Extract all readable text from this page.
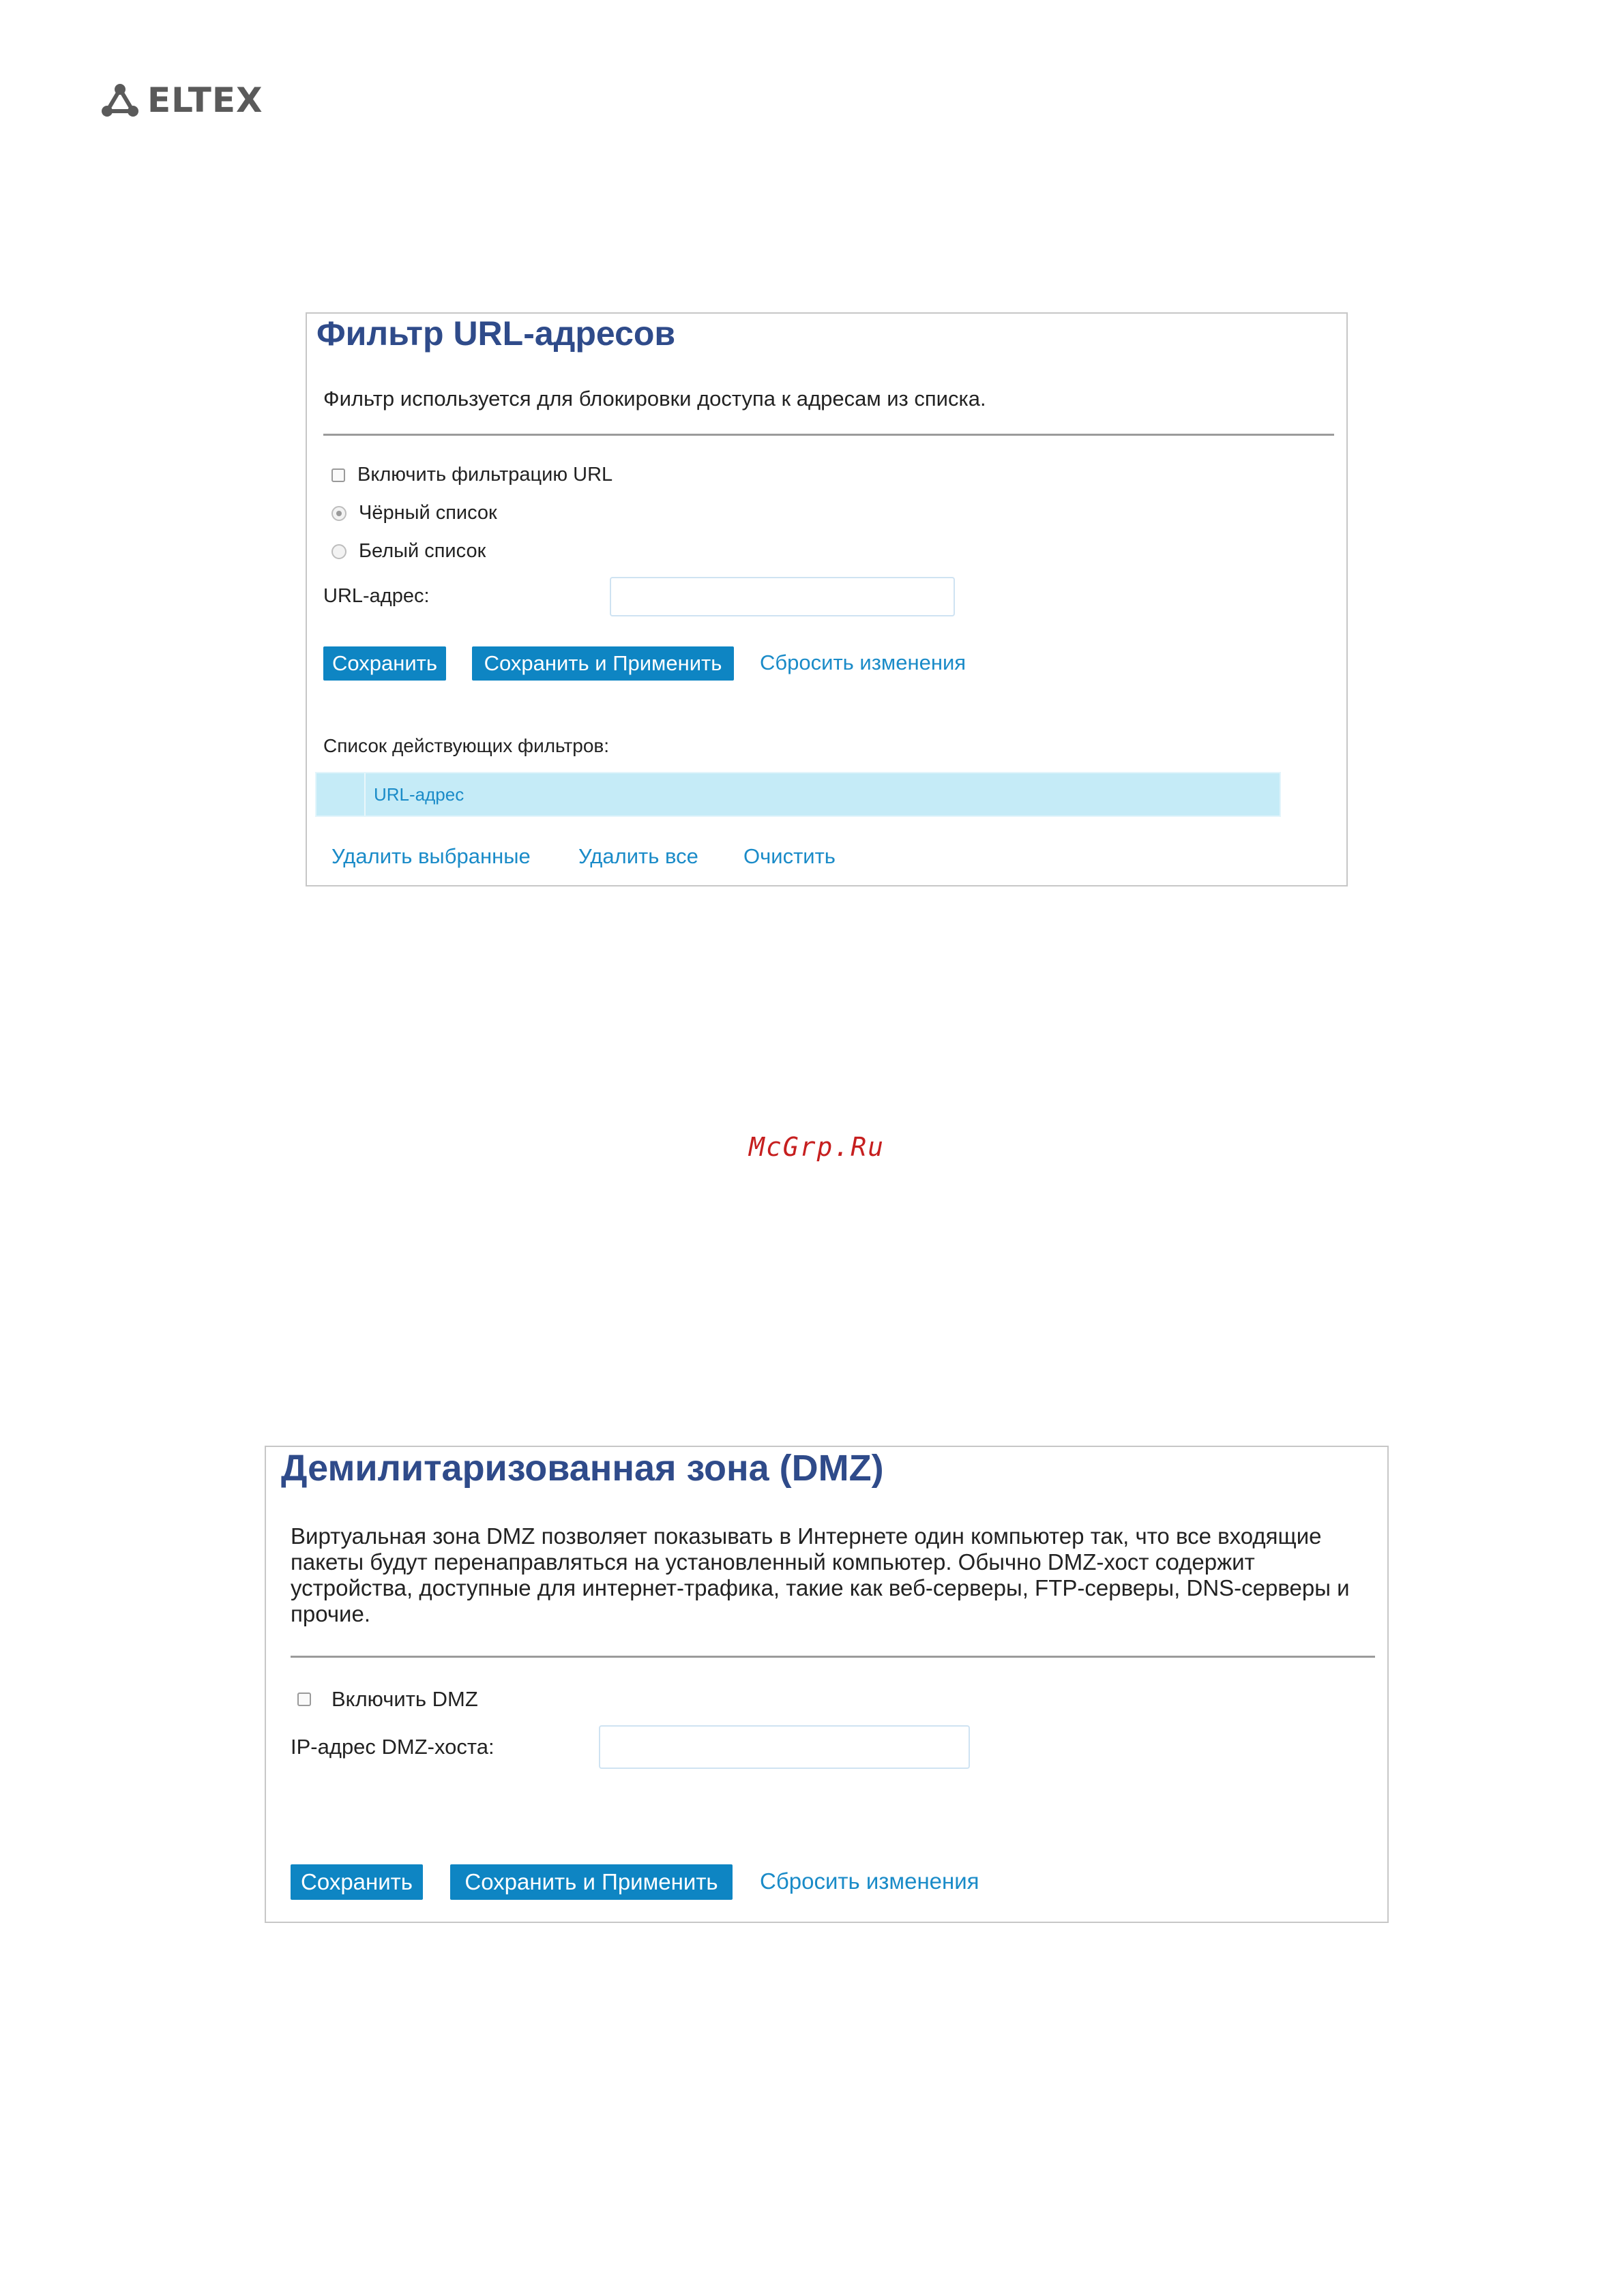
ELTEX
Фильтр URL-адресов
Фильтр используется для блокировки доступа к адресам из списка.
Включить фильтрацию URL
Чёрный список
Белый список
URL-адрес:
Сохранить	Сохранить и Применить	Сбросить изменения
Список действующих фильтров:
URL-адрес
Удалить выбранные Удалить все Очистить
McGrp.Ru
Демилитаризованная зона (DMZ)
Виртуальная зона DMZ позволяет показывать в Интернете один компьютер так, что все входящие пакеты будут перенаправляться на установленный компьютер. Обычно DMZ-хост содержит устройства, доступные для интернет-трафика, такие как веб-серверы, FTP-серверы, DNS-серверы и прочие.
Включить DMZ
IP-адрес DMZ-хоста:
Сохранить	Сохранить и Применить	Сбросить изменения
